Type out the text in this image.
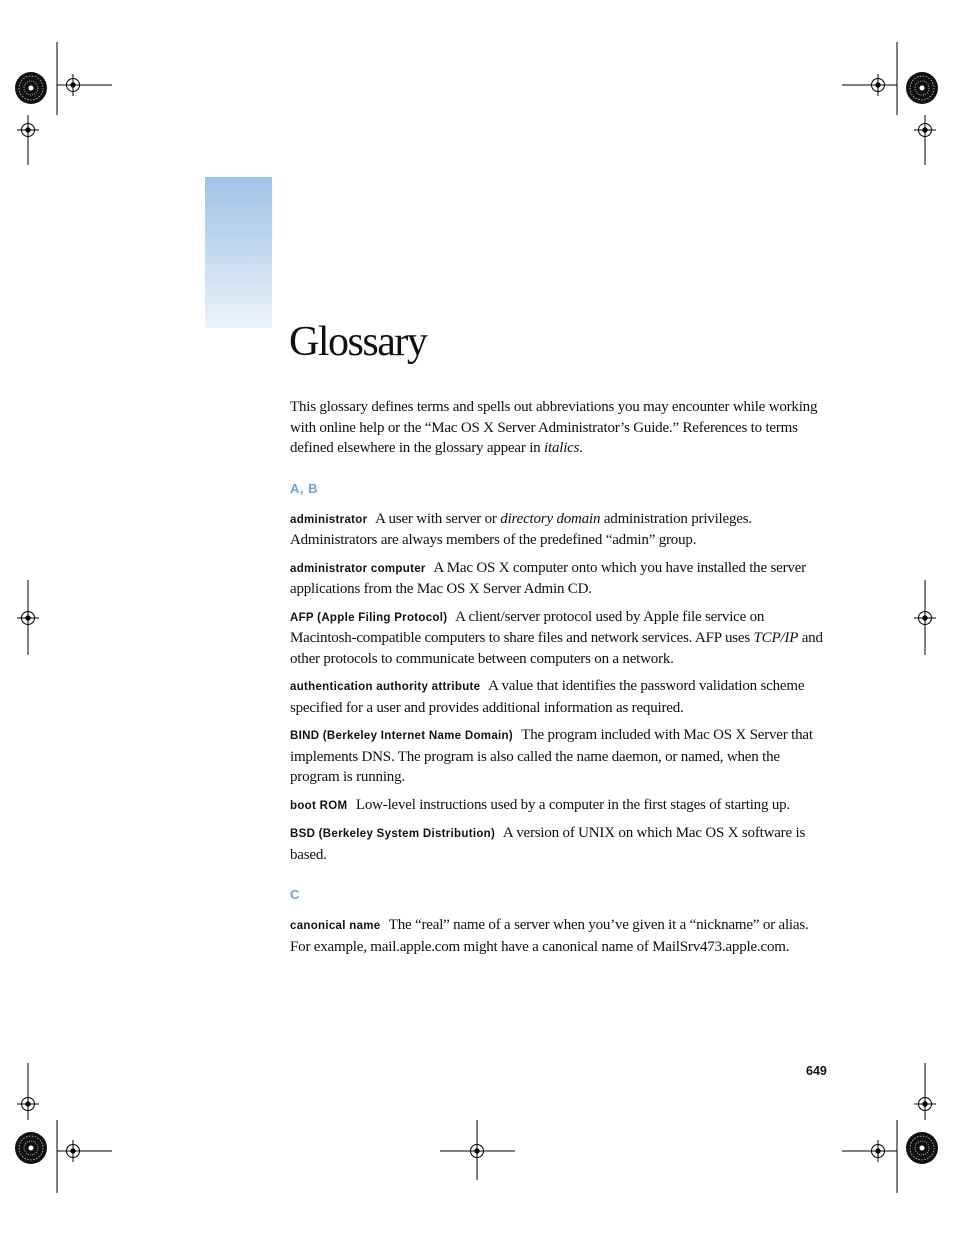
Glossary

This glossary defines terms and spells out abbreviations you may encounter while working with online help or the “Mac OS X Server Administrator’s Guide.” References to terms defined elsewhere in the glossary appear in italics.

A, B

administrator A user with server or directory domain administration privileges. Administrators are always members of the predefined “admin” group.

administrator computer A Mac OS X computer onto which you have installed the server applications from the Mac OS X Server Admin CD.

AFP (Apple Filing Protocol) A client/server protocol used by Apple file service on Macintosh-compatible computers to share files and network services. AFP uses TCP/IP and other protocols to communicate between computers on a network.

authentication authority attribute A value that identifies the password validation scheme specified for a user and provides additional information as required.

BIND (Berkeley Internet Name Domain) The program included with Mac OS X Server that implements DNS. The program is also called the name daemon, or named, when the program is running.

boot ROM Low-level instructions used by a computer in the first stages of starting up.

BSD (Berkeley System Distribution) A version of UNIX on which Mac OS X software is based.

C

canonical name The “real” name of a server when you’ve given it a “nickname” or alias. For example, mail.apple.com might have a canonical name of MailSrv473.apple.com.

649
